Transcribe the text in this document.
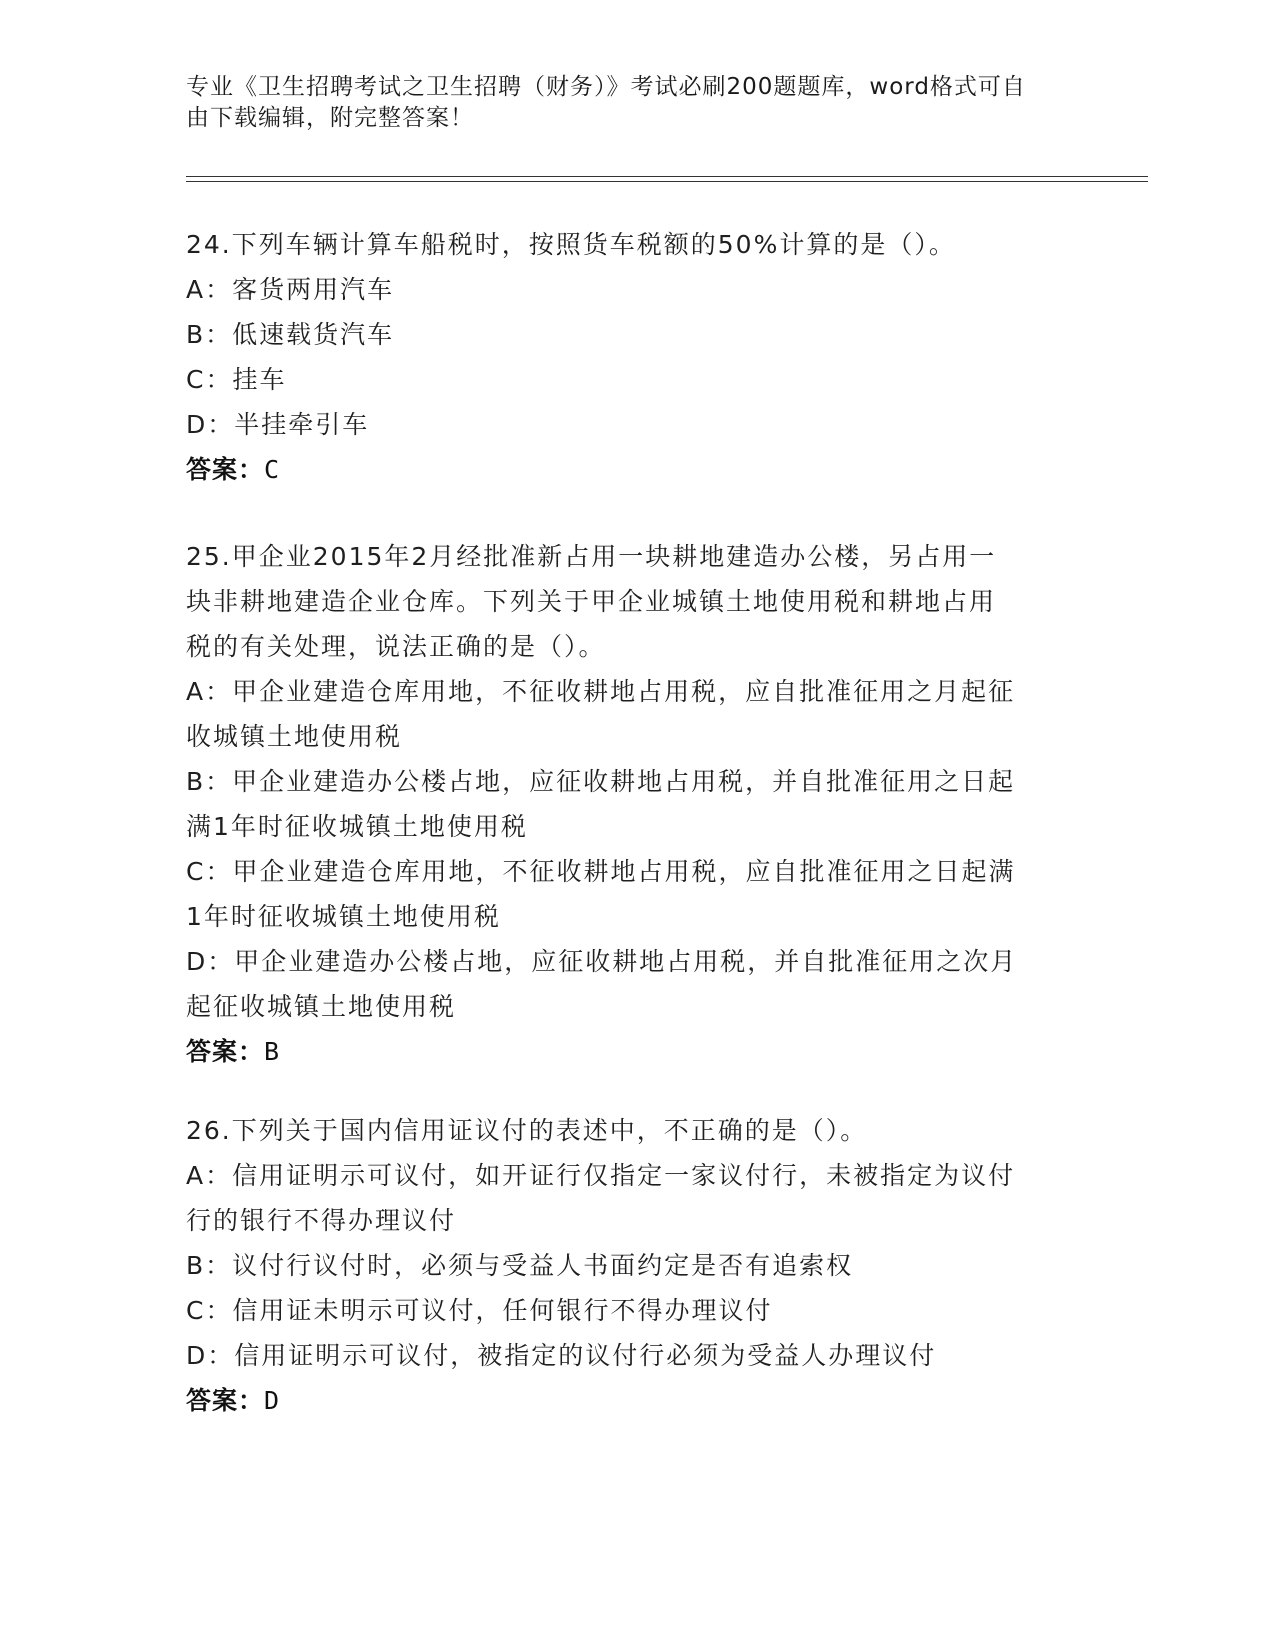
专业《卫生招聘考试之卫生招聘（财务）》考试必刷200题题库，word格式可自
由下载编辑，附完整答案！

24.下列车辆计算车船税时，按照货车税额的50%计算的是（）。

A：客货两用汽车

B：低速载货汽车

C：挂车

D：半挂牵引车

答案：C

25.甲企业2015年2月经批准新占用一块耕地建造办公楼，另占用一

块非耕地建造企业仓库。下列关于甲企业城镇土地使用税和耕地占用

税的有关处理，说法正确的是（）。

A：甲企业建造仓库用地，不征收耕地占用税，应自批准征用之月起征

收城镇土地使用税

B：甲企业建造办公楼占地，应征收耕地占用税，并自批准征用之日起

满1年时征收城镇土地使用税

C：甲企业建造仓库用地，不征收耕地占用税，应自批准征用之日起满

1年时征收城镇土地使用税

D：甲企业建造办公楼占地，应征收耕地占用税，并自批准征用之次月

起征收城镇土地使用税

答案：B

26.下列关于国内信用证议付的表述中，不正确的是（）。

A：信用证明示可议付，如开证行仅指定一家议付行，未被指定为议付

行的银行不得办理议付

B：议付行议付时，必须与受益人书面约定是否有追索权

C：信用证未明示可议付，任何银行不得办理议付

D：信用证明示可议付，被指定的议付行必须为受益人办理议付

答案：D
